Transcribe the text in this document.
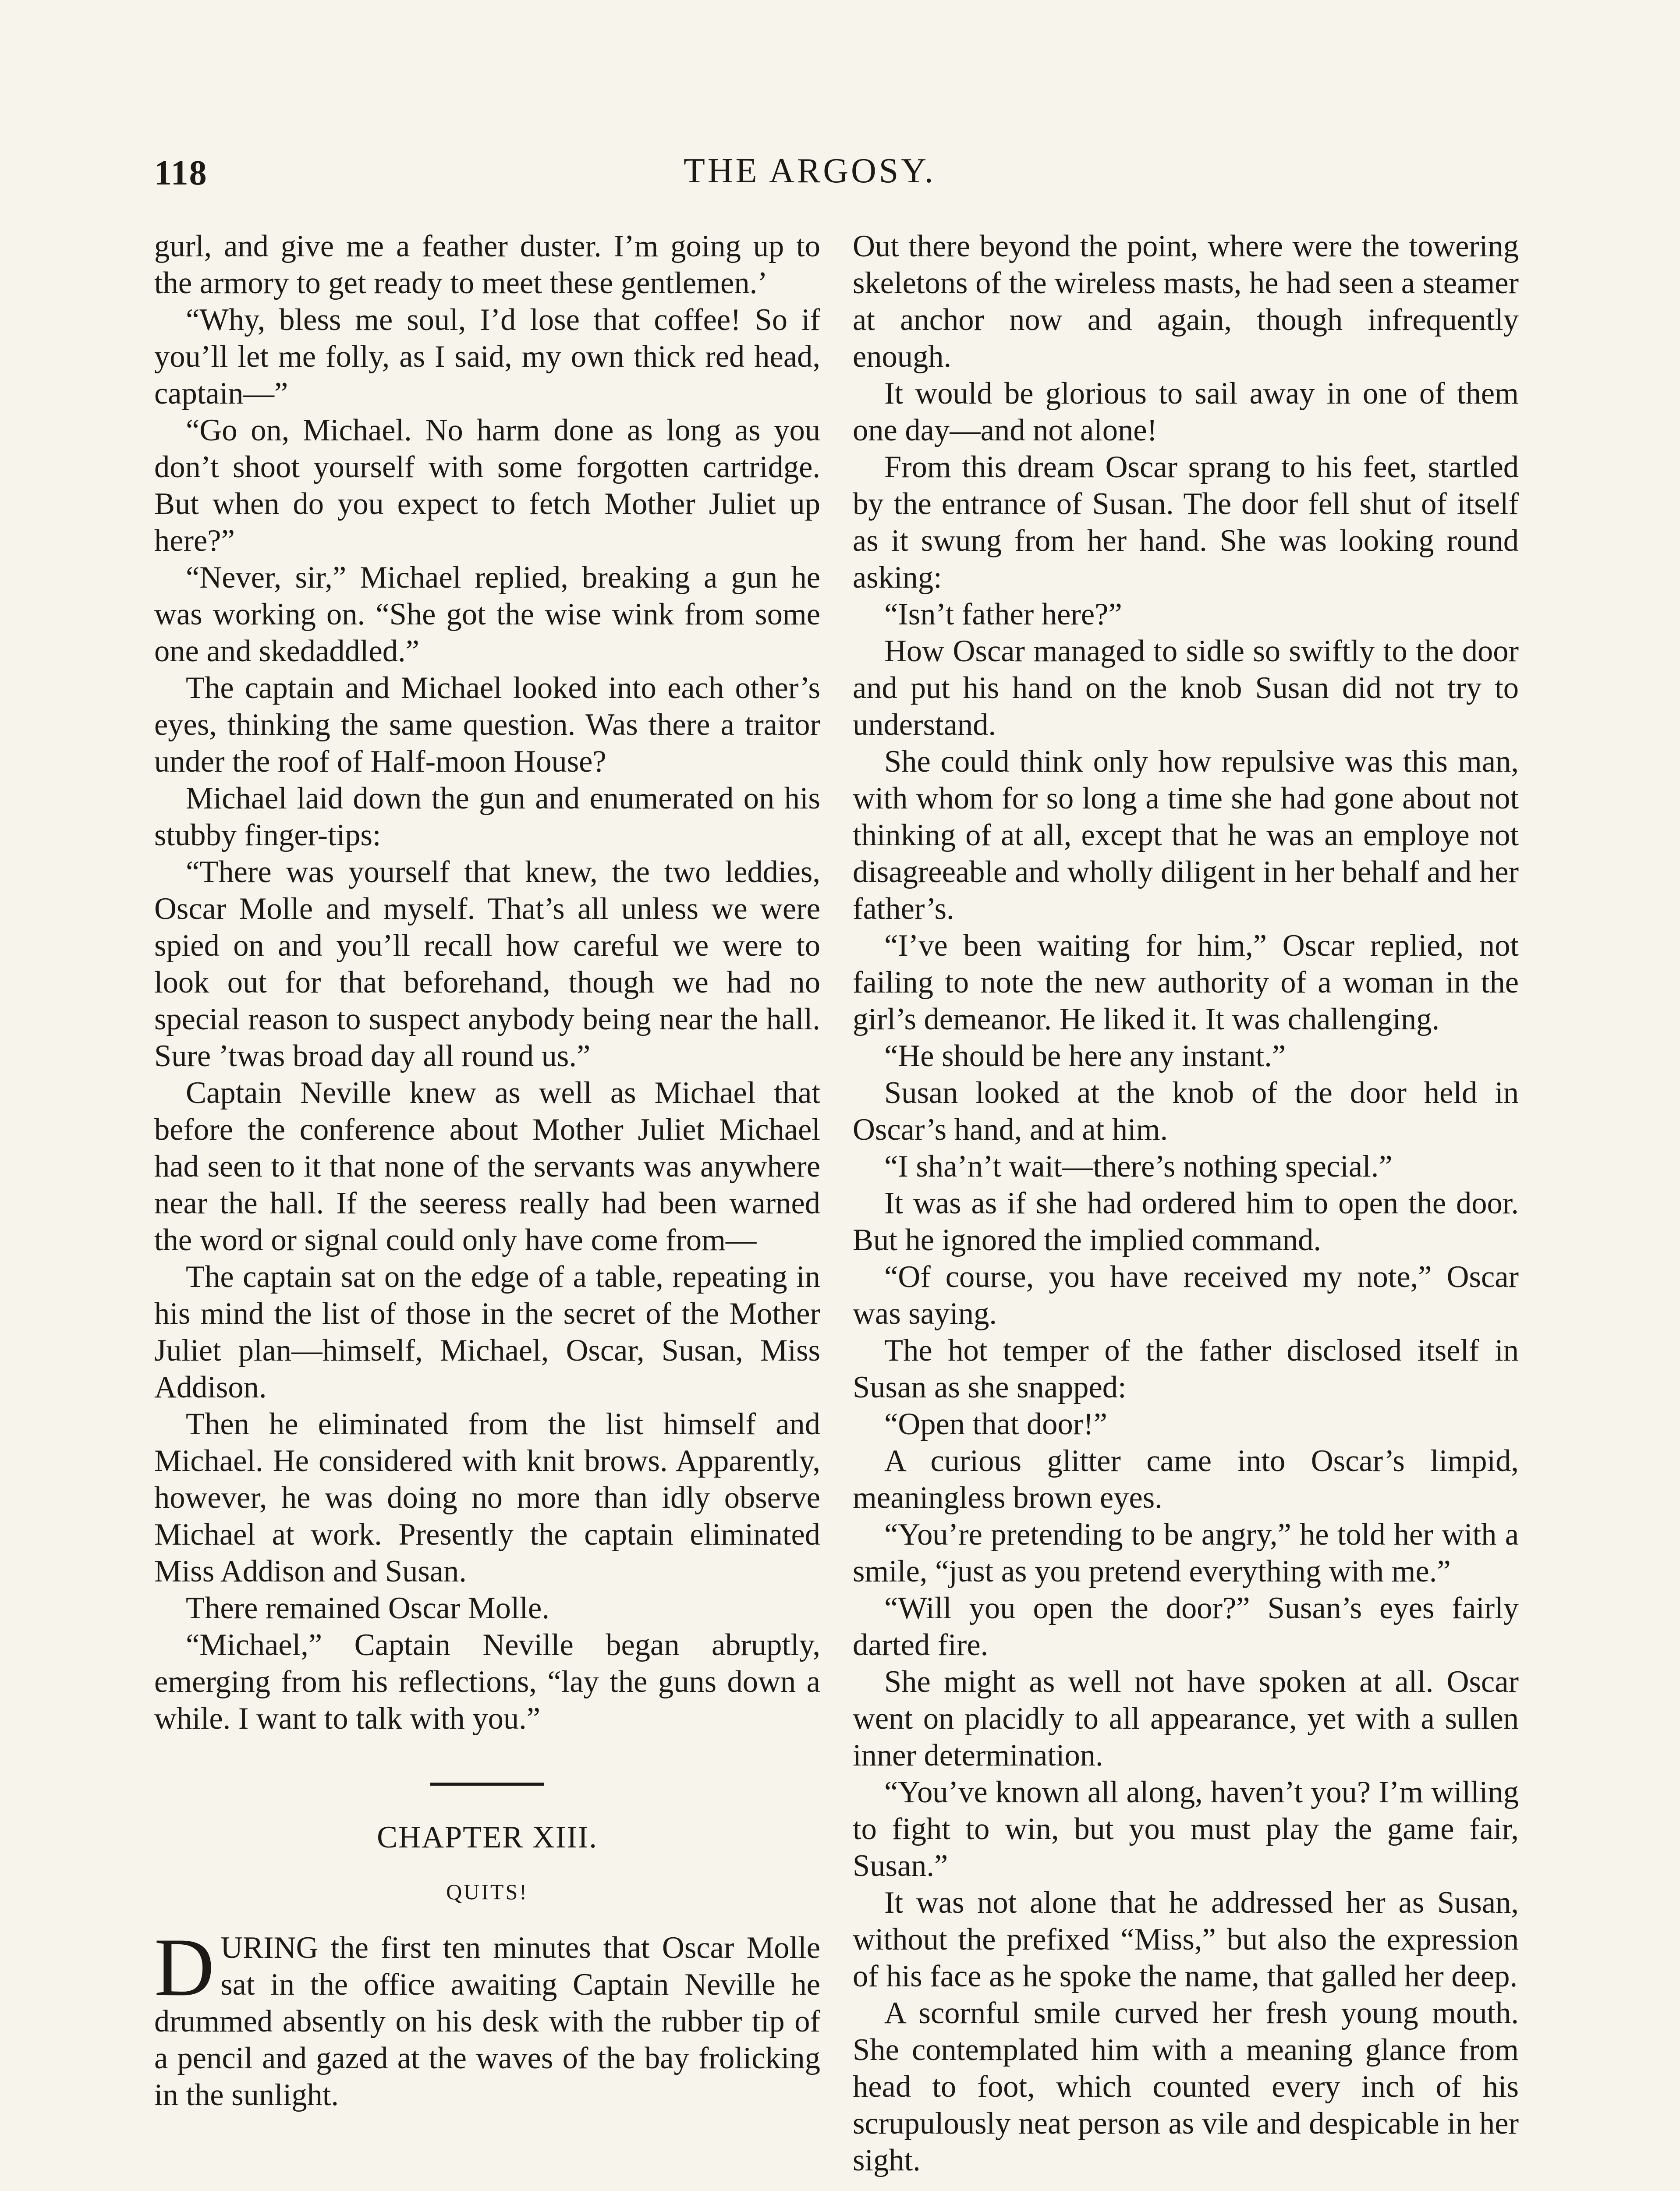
118	THE ARGOSY.

gurl, and give me a feather duster. I’m going up to the armory to get ready to meet these gentlemen.’

“Why, bless me soul, I’d lose that coffee! So if you’ll let me folly, as I said, my own thick red head, captain—”

“Go on, Michael. No harm done as long as you don’t shoot yourself with some forgotten cartridge. But when do you expect to fetch Mother Juliet up here?”

“Never, sir,” Michael replied, breaking a gun he was working on. “She got the wise wink from some one and skedaddled.”

The captain and Michael looked into each other’s eyes, thinking the same question. Was there a traitor under the roof of Half-moon House?

Michael laid down the gun and enumerated on his stubby finger-tips:

“There was yourself that knew, the two leddies, Oscar Molle and myself. That’s all unless we were spied on and you’ll recall how careful we were to look out for that beforehand, though we had no special reason to suspect anybody being near the hall. Sure ’twas broad day all round us.”

Captain Neville knew as well as Michael that before the conference about Mother Juliet Michael had seen to it that none of the servants was anywhere near the hall. If the seeress really had been warned the word or signal could only have come from—

The captain sat on the edge of a table, repeating in his mind the list of those in the secret of the Mother Juliet plan—himself, Michael, Oscar, Susan, Miss Addison.

Then he eliminated from the list himself and Michael. He considered with knit brows. Apparently, however, he was doing no more than idly observe Michael at work. Presently the captain eliminated Miss Addison and Susan.

There remained Oscar Molle.

“Michael,” Captain Neville began abruptly, emerging from his reflections, “lay the guns down a while. I want to talk with you.”

CHAPTER XIII.
QUITS!

DURING the first ten minutes that Oscar Molle sat in the office awaiting Captain Neville he drummed absently on his desk with the rubber tip of a pencil and gazed at the waves of the bay frolicking in the sunlight.

Out there beyond the point, where were the towering skeletons of the wireless masts, he had seen a steamer at anchor now and again, though infrequently enough.

It would be glorious to sail away in one of them one day—and not alone!

From this dream Oscar sprang to his feet, startled by the entrance of Susan. The door fell shut of itself as it swung from her hand. She was looking round asking:

“Isn’t father here?”

How Oscar managed to sidle so swiftly to the door and put his hand on the knob Susan did not try to understand.

She could think only how repulsive was this man, with whom for so long a time she had gone about not thinking of at all, except that he was an employe not disagreeable and wholly diligent in her behalf and her father’s.

“I’ve been waiting for him,” Oscar replied, not failing to note the new authority of a woman in the girl’s demeanor. He liked it. It was challenging.

“He should be here any instant.”

Susan looked at the knob of the door held in Oscar’s hand, and at him.

“I sha’n’t wait—there’s nothing special.”

It was as if she had ordered him to open the door. But he ignored the implied command.

“Of course, you have received my note,” Oscar was saying.

The hot temper of the father disclosed itself in Susan as she snapped:

“Open that door!”

A curious glitter came into Oscar’s limpid, meaningless brown eyes.

“You’re pretending to be angry,” he told her with a smile, “just as you pretend everything with me.”

“Will you open the door?” Susan’s eyes fairly darted fire.

She might as well not have spoken at all. Oscar went on placidly to all appearance, yet with a sullen inner determination.

“You’ve known all along, haven’t you? I’m willing to fight to win, but you must play the game fair, Susan.”

It was not alone that he addressed her as Susan, without the prefixed “Miss,” but also the expression of his face as he spoke the name, that galled her deep.

A scornful smile curved her fresh young mouth. She contemplated him with a meaning glance from head to foot, which counted every inch of his scrupulously neat person as vile and despicable in her sight.
